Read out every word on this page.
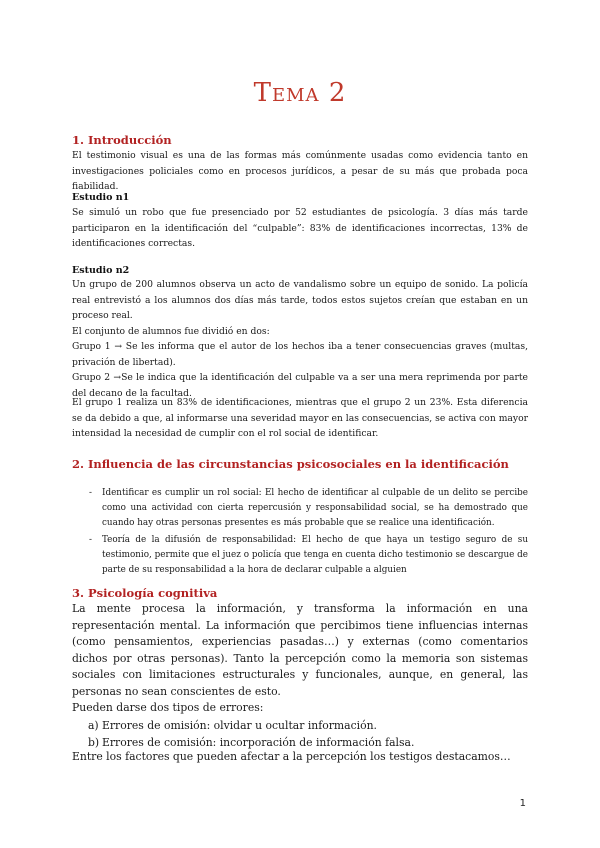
Tema 2
1. Introducción

El testimonio visual es una de las formas más comúnmente usadas como evidencia tanto en investigaciones policiales como en procesos jurídicos, a pesar de su más que probada poca fiabilidad.

Estudio n1

Se simuló un robo que fue presenciado por 52 estudiantes de psicología. 3 días más tarde participaron en la identificación del “culpable”: 83% de identificaciones incorrectas, 13% de identificaciones correctas.

Estudio n2

Un grupo de 200 alumnos observa un acto de vandalismo sobre un equipo de sonido. La policía real entrevistó a los alumnos dos días más tarde, todos estos sujetos creían que estaban en un proceso real.

El conjunto de alumnos fue dividió en dos:

Grupo 1 → Se les informa que el autor de los hechos iba a tener consecuencias graves (multas, privación de libertad).

Grupo 2 →Se le indica que la identificación del culpable va a ser una mera reprimenda por parte del decano de la facultad.

El grupo 1 realiza un 83% de identificaciones, mientras que el grupo 2 un 23%. Esta diferencia se da debido a que, al informarse una severidad mayor en las consecuencias, se activa con mayor intensidad la necesidad de cumplir con el rol social de identificar.

2. Influencia de las circunstancias psicosociales en la identificación
- Identificar es cumplir un rol social: El hecho de identificar al culpable de un delito se percibe como una actividad con cierta repercusión y responsabilidad social, se ha demostrado que cuando hay otras personas presentes es más probable que se realice una identificación.
- Teoría de la difusión de responsabilidad: El hecho de que haya un testigo seguro de su testimonio, permite que el juez o policía que tenga en cuenta dicho testimonio se descargue de parte de su responsabilidad a la hora de declarar culpable a alguien
3. Psicología cognitiva

La mente procesa la información, y transforma la información en una representación mental. La información que percibimos tiene influencias internas (como pensamientos, experiencias pasadas…) y externas (como comentarios dichos por otras personas). Tanto la percepción como la memoria son sistemas sociales con limitaciones estructurales y funcionales, aunque, en general, las personas no sean conscientes de esto.

Pueden darse dos tipos de errores:

a) Errores de omisión: olvidar u ocultar información.
b) Errores de comisión: incorporación de información falsa.

Entre los factores que pueden afectar a la percepción los testigos destacamos…

1
